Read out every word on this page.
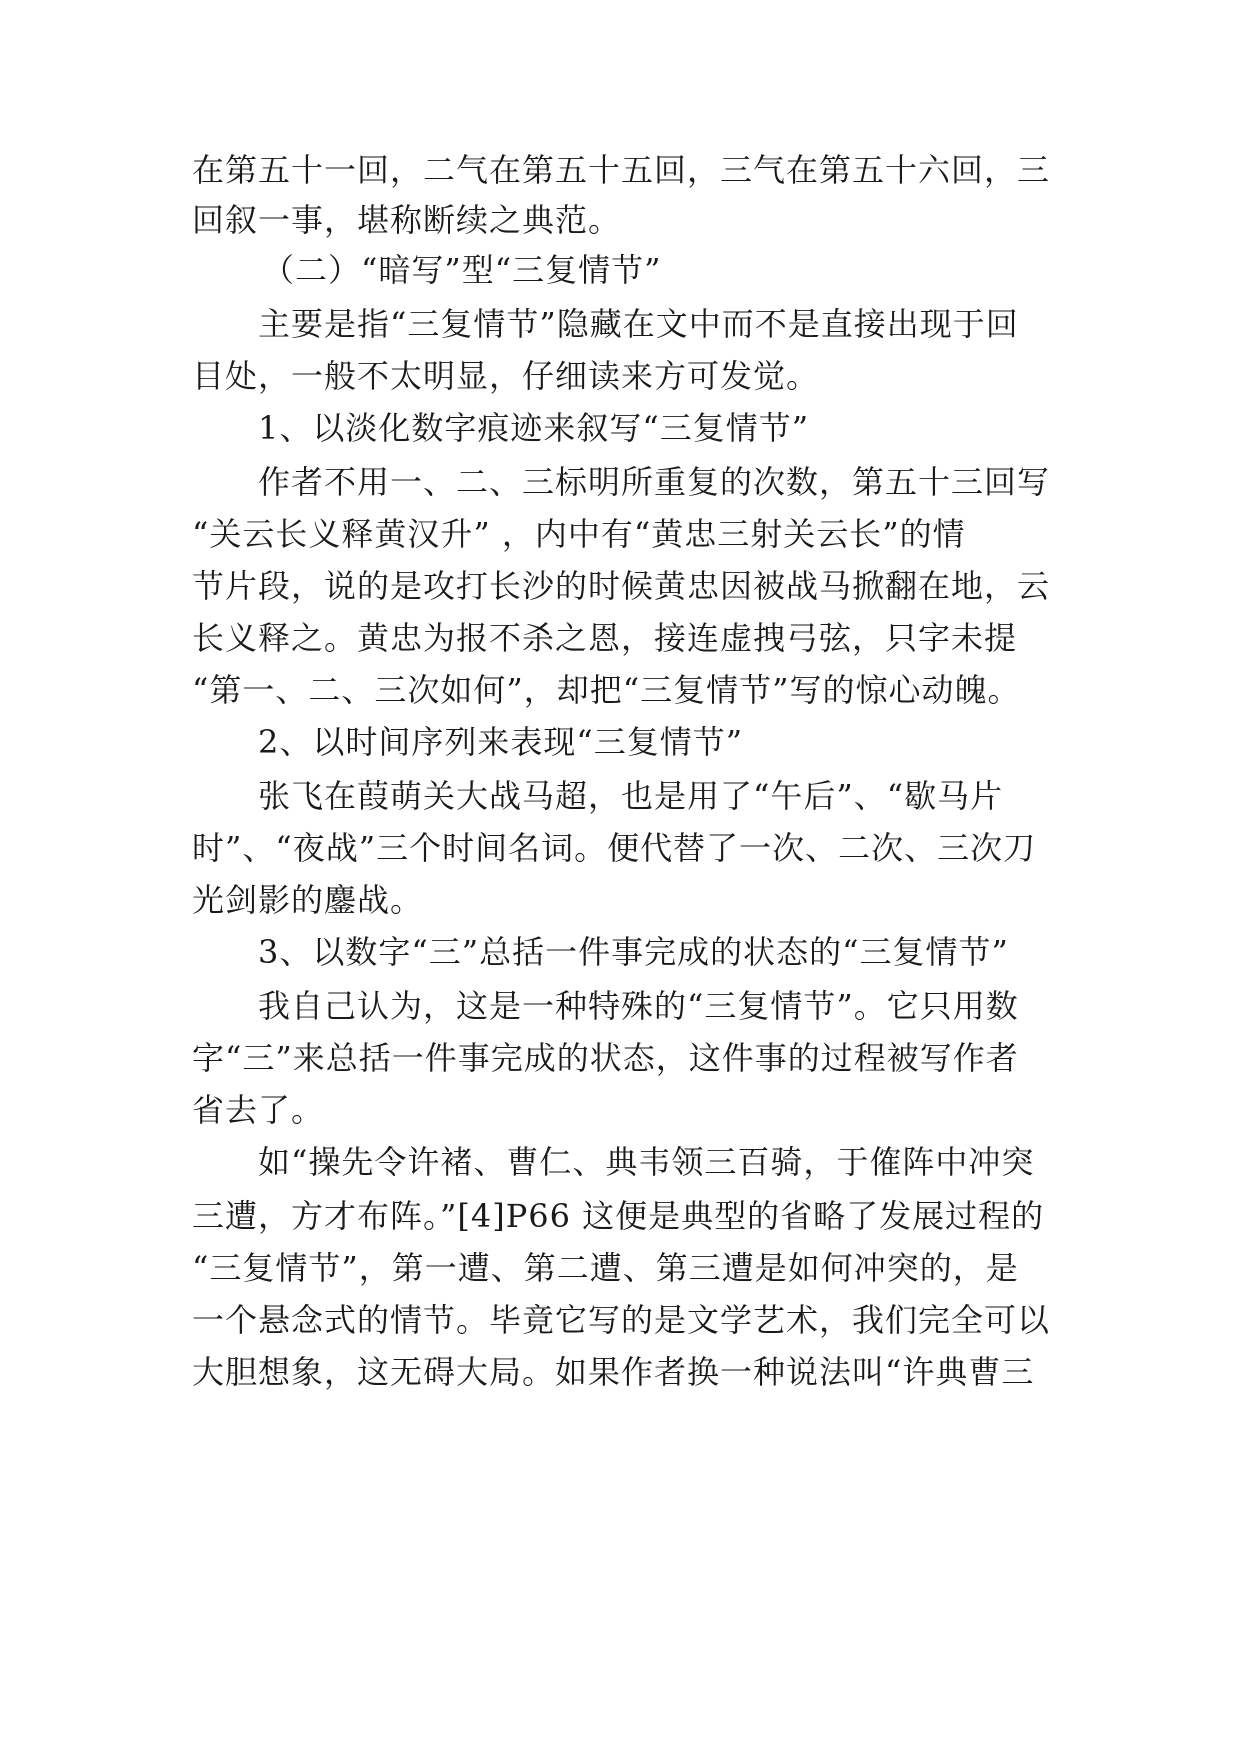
在第五十一回，二气在第五十五回，三气在第五十六回，三
回叙一事，堪称断续之典范。
（二）“暗写”型“三复情节”
主要是指“三复情节”隐藏在文中而不是直接出现于回
目处，一般不太明显，仔细读来方可发觉。
1、以淡化数字痕迹来叙写“三复情节”
作者不用一、二、三标明所重复的次数，第五十三回写
“关云长义释黄汉升” ，内中有“黄忠三射关云长”的情
节片段，说的是攻打长沙的时候黄忠因被战马掀翻在地，云
长义释之。黄忠为报不杀之恩，接连虚拽弓弦，只字未提
“第一、二、三次如何”，却把“三复情节”写的惊心动魄。
2、以时间序列来表现“三复情节”
张飞在葭萌关大战马超，也是用了“午后”、“歇马片
时”、“夜战”三个时间名词。便代替了一次、二次、三次刀
光剑影的鏖战。
3、以数字“三”总括一件事完成的状态的“三复情节”
我自己认为，这是一种特殊的“三复情节”。它只用数
字“三”来总括一件事完成的状态，这件事的过程被写作者
省去了。
如“操先令许褚、曹仁、典韦领三百骑，于傕阵中冲突
三遭，方才布阵。”[4]P66 这便是典型的省略了发展过程的
“三复情节”，第一遭、第二遭、第三遭是如何冲突的，是
一个悬念式的情节。毕竟它写的是文学艺术，我们完全可以
大胆想象，这无碍大局。如果作者换一种说法叫“许典曹三
